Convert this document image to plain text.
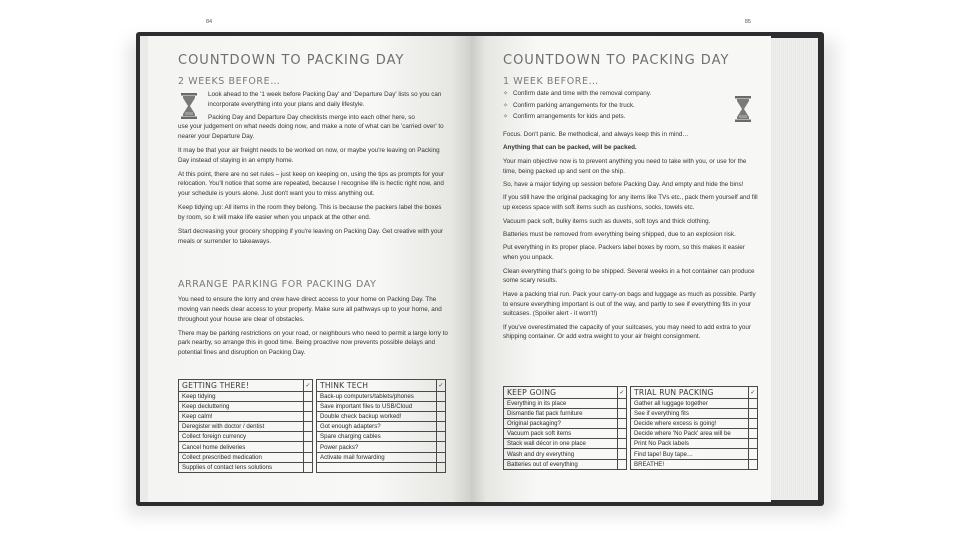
COUNTDOWN TO PACKING DAY
2 WEEKS BEFORE…

Look ahead to the '1 week before Packing Day' and 'Departure Day' lists so you can incorporate everything into your plans and daily lifestyle.

Packing Day and Departure Day checklists merge into each other here, so

use your judgement on what needs doing now, and make a note of what can be 'carried over' to nearer your Departure Day.

It may be that your air freight needs to be worked on now, or maybe you're leaving on Packing Day instead of staying in an empty home.

At this point, there are no set rules – just keep on keeping on, using the tips as prompts for your relocation. You'll notice that some are repeated, because I recognise life is hectic right now, and your schedule is yours alone. Just don't want you to miss anything out.

Keep tidying up: All items in the room they belong. This is because the packers label the boxes by room, so it will make life easier when you unpack at the other end.

Start decreasing your grocery shopping if you're leaving on Packing Day. Get creative with your meals or surrender to takeaways.

ARRANGE PARKING FOR PACKING DAY

You need to ensure the lorry and crew have direct access to your home on Packing Day. The moving van needs clear access to your property. Make sure all pathways up to your home, and throughout your house are clear of obstacles.

There may be parking restrictions on your road, or neighbours who need to permit a large lorry to park nearby, so arrange this in good time. Being proactive now prevents possible delays and potential fines and disruption on Packing Day.

GETTING THERE!	✓		THINK TECH	✓
Keep tidying			Back-up computers/tablets/phones	
Keep decluttering			Save important files to USB/Cloud	
Keep calm!			Double check backup worked!	
Deregister with doctor / dentist			Got enough adapters?	
Collect foreign currency			Spare charging cables	
Cancel home deliveries			Power packs?	
Collect prescribed medication			Activate mail forwarding	
Supplies of contact lens solutions				
84
COUNTDOWN TO PACKING DAY
1 WEEK BEFORE…
✧ Confirm date and time with the removal company.
✧ Confirm parking arrangements for the truck.
✧ Confirm arrangements for kids and pets.

Focus. Don't panic. Be methodical, and always keep this in mind…

Anything that can be packed, will be packed.

Your main objective now is to prevent anything you need to take with you, or use for the time, being packed up and sent on the ship.

So, have a major tidying up session before Packing Day. And empty and hide the bins!

If you still have the original packaging for any items like TVs etc., pack them yourself and fill up excess space with soft items such as cushions, socks, towels etc.

Vacuum pack soft, bulky items such as duvets, soft toys and thick clothing.

Batteries must be removed from everything being shipped, due to an explosion risk.

Put everything in its proper place. Packers label boxes by room, so this makes it easier when you unpack.

Clean everything that's going to be shipped. Several weeks in a hot container can produce some scary results.

Have a packing trial run. Pack your carry-on bags and luggage as much as possible. Partly to ensure everything important is out of the way, and partly to see if everything fits in your suitcases. (Spoiler alert - it won't!)

If you've overestimated the capacity of your suitcases, you may need to add extra to your shipping container. Or add extra weight to your air freight consignment.

KEEP GOING	✓		TRIAL RUN PACKING	✓
Everything in its place			Gather all luggage together	
Dismantle flat pack furniture			See if everything fits	
Original packaging?			Decide where excess is going!	
Vacuum pack soft items			Decide where 'No Pack' area will be	
Stack wall décor in one place			Print No Pack labels	
Wash and dry everything			Find tape! Buy tape…	
Batteries out of everything			BREATHE!	
85
